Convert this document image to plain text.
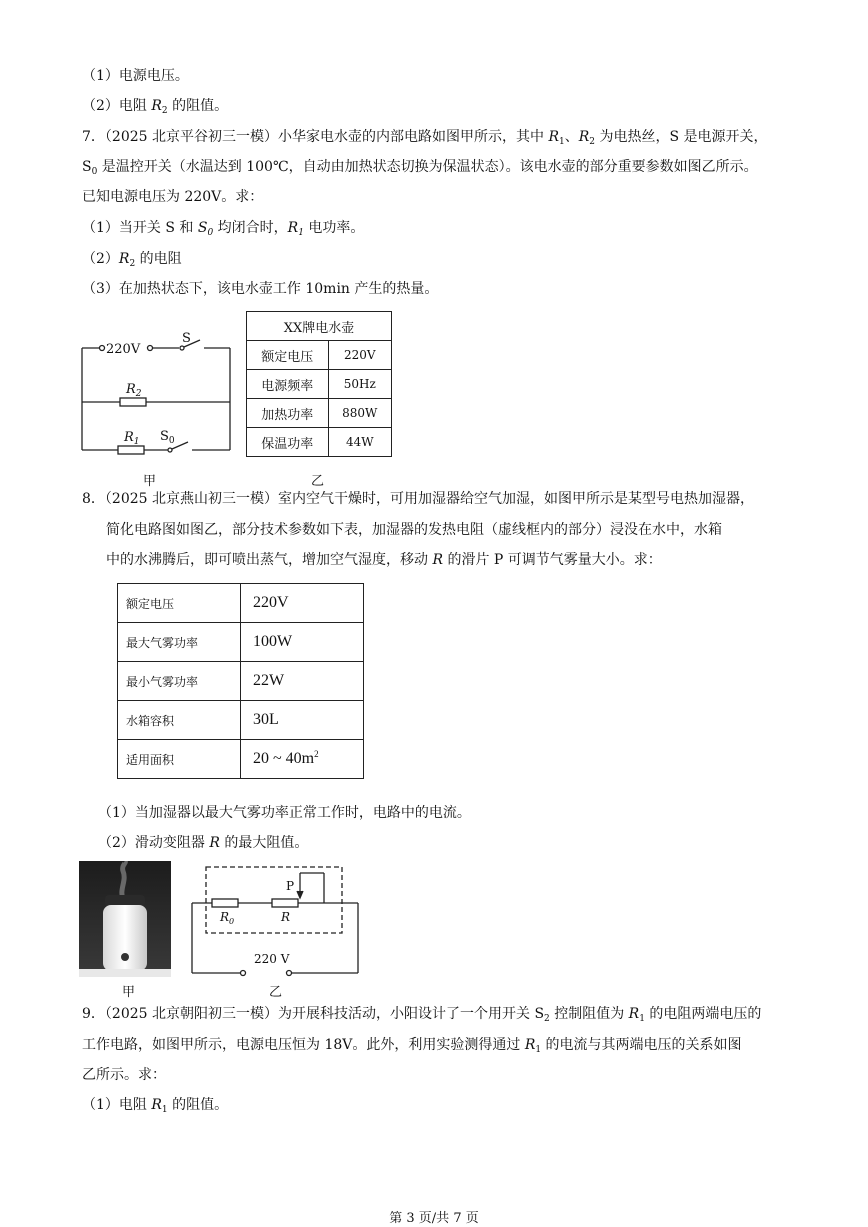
（1）电源电压。
（2）电阻 $R_2$ 的阻值。
7．（2025 北京平谷初三一模）小华家电水壶的内部电路如图甲所示，其中 $R_1$、$R_2$ 为电热丝，S 是电源开关，
$S_0$ 是温控开关（水温达到 100℃，自动由加热状态切换为保温状态）。该电水壶的部分重要参数如图乙所示。
已知电源电压为 220V。求：
（1）当开关 S 和 $S_0$ 均闭合时，$R_1$ 电功率。
$(2)R_2$ 的电阻
（3）在加热状态下，该电水壶工作 10min 产生的热量。
220V
S
$R_2$
$R_1$ $S_0$
甲
XX牌电水壶	
额定电压	220V
电源频率	50Hz
加热功率	880W
保温功率	44W
乙
8．（2025 北京燕山初三一模）室内空气干燥时，可用加湿器给空气加湿，如图甲所示是某型号电热加湿器，
简化电路图如图乙，部分技术参数如下表，加湿器的发热电阻（虚线框内的部分）浸没在水中，水箱
中的水沸腾后，即可喷出蒸气，增加空气湿度，移动 R 的滑片 P 可调节气雾量大小。求：
额定电压	220V
最大气雾功率	100W
最小气雾功率	22W
水箱容积	30L
适用面积	20 ~ $40m^2$
（1）当加湿器以最大气雾功率正常工作时，电路中的电流。
（2）滑动变阻器 R 的最大阻值。
甲
P
$R_0$	R
220 V
乙
9．（2025 北京朝阳初三一模）为开展科技活动，小阳设计了一个用开关 $S_2$ 控制阻值为 $R_1$ 的电阻两端电压的
工作电路，如图甲所示，电源电压恒为 18V。此外，利用实验测得通过 $R_1$ 的电流与其两端电压的关系如图
乙所示。求：
（1）电阻 $R_1$ 的阻值。
第 3 页/共 7 页
